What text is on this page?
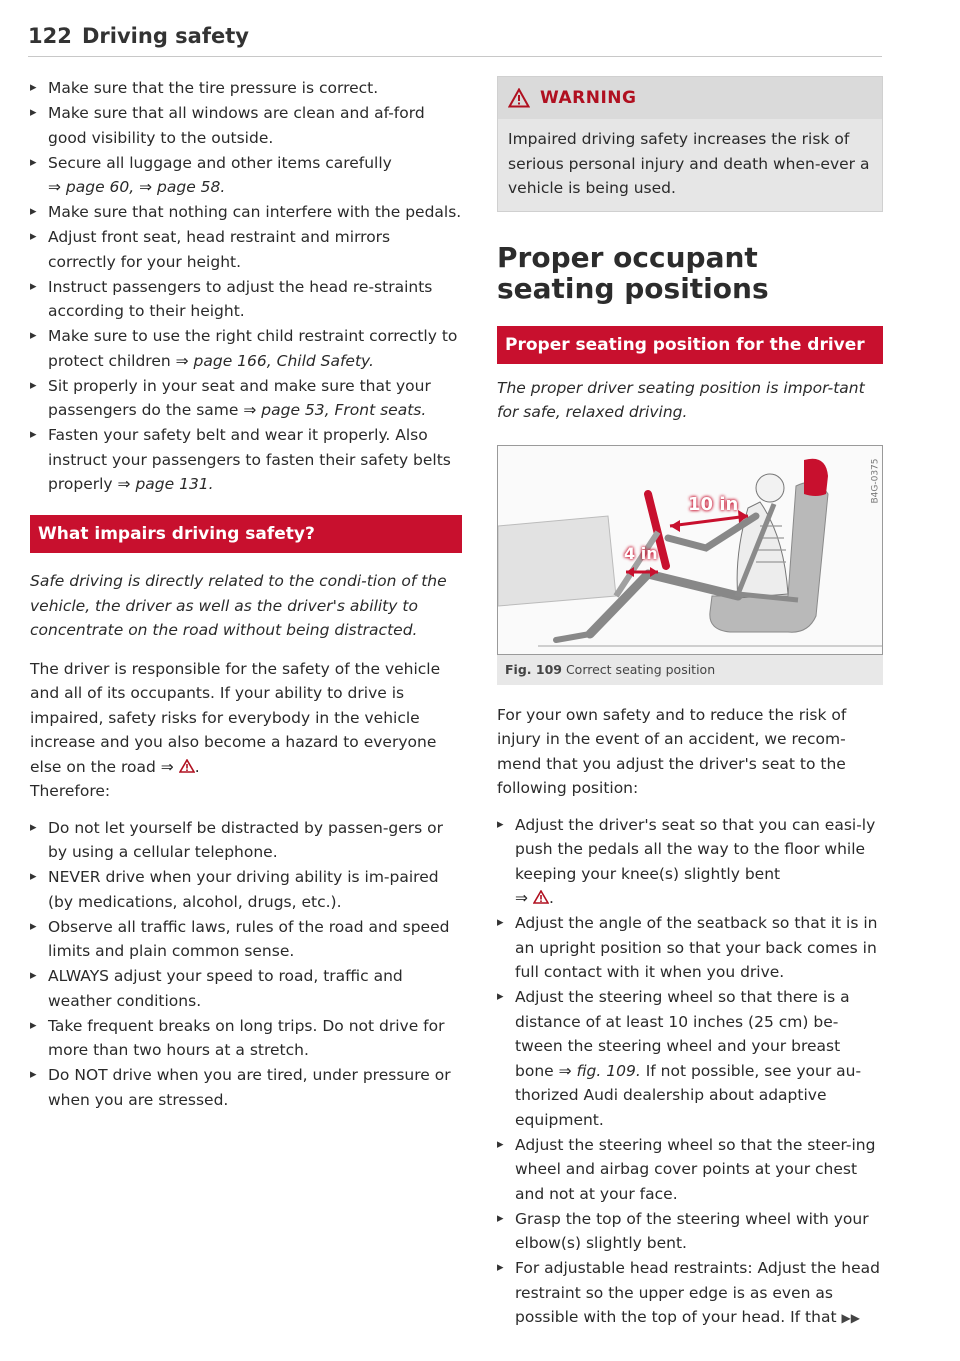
122 Driving safety

▸ Make sure that the tire pressure is correct.

▸ Make sure that all windows are clean and af-ford good visibility to the outside.

▸ Secure all luggage and other items carefully
⇒ page 60, ⇒ page 58.

▸ Make sure that nothing can interfere with the pedals.

▸ Adjust front seat, head restraint and mirrors correctly for your height.

▸ Instruct passengers to adjust the head re-straints according to their height.

▸ Make sure to use the right child restraint correctly to protect children ⇒ page 166, Child Safety.

▸ Sit properly in your seat and make sure that your passengers do the same ⇒ page 53, Front seats.

▸ Fasten your safety belt and wear it properly. Also instruct your passengers to fasten their safety belts properly ⇒ page 131.

What impairs driving safety?

Safe driving is directly related to the condi-tion of the vehicle, the driver as well as the driver's ability to concentrate on the road without being distracted.

The driver is responsible for the safety of the vehicle and all of its occupants. If your ability to drive is impaired, safety risks for everybody in the vehicle increase and you also become a hazard to everyone else on the road ⇒ .

Therefore:

▸ Do not let yourself be distracted by passen-gers or by using a cellular telephone.

▸ NEVER drive when your driving ability is im-paired (by medications, alcohol, drugs, etc.).

▸ Observe all traffic laws, rules of the road and speed limits and plain common sense.

▸ ALWAYS adjust your speed to road, traffic and weather conditions.

▸ Take frequent breaks on long trips. Do not drive for more than two hours at a stretch.

▸ Do NOT drive when you are tired, under pressure or when you are stressed.

WARNING
Impaired driving safety increases the risk of serious personal injury and death when-ever a vehicle is being used.

Proper occupant
seating positions

Proper seating position for the driver

The proper driver seating position is impor-tant for safe, relaxed driving.

10 in
4 in
B4G-0375
Fig. 109 Correct seating position

For your own safety and to reduce the risk of injury in the event of an accident, we recom-mend that you adjust the driver's seat to the following position:

▸ Adjust the driver's seat so that you can easi-ly push the pedals all the way to the floor while keeping your knee(s) slightly bent
⇒ .

▸ Adjust the angle of the seatback so that it is in an upright position so that your back comes in full contact with it when you drive.

▸ Adjust the steering wheel so that there is a distance of at least 10 inches (25 cm) be-tween the steering wheel and your breast bone ⇒ fig. 109. If not possible, see your au-thorized Audi dealership about adaptive equipment.

▸ Adjust the steering wheel so that the steer-ing wheel and airbag cover points at your chest and not at your face.

▸ Grasp the top of the steering wheel with your elbow(s) slightly bent.

▸ For adjustable head restraints: Adjust the head restraint so the upper edge is as even as possible with the top of your head. If that ▶▶
